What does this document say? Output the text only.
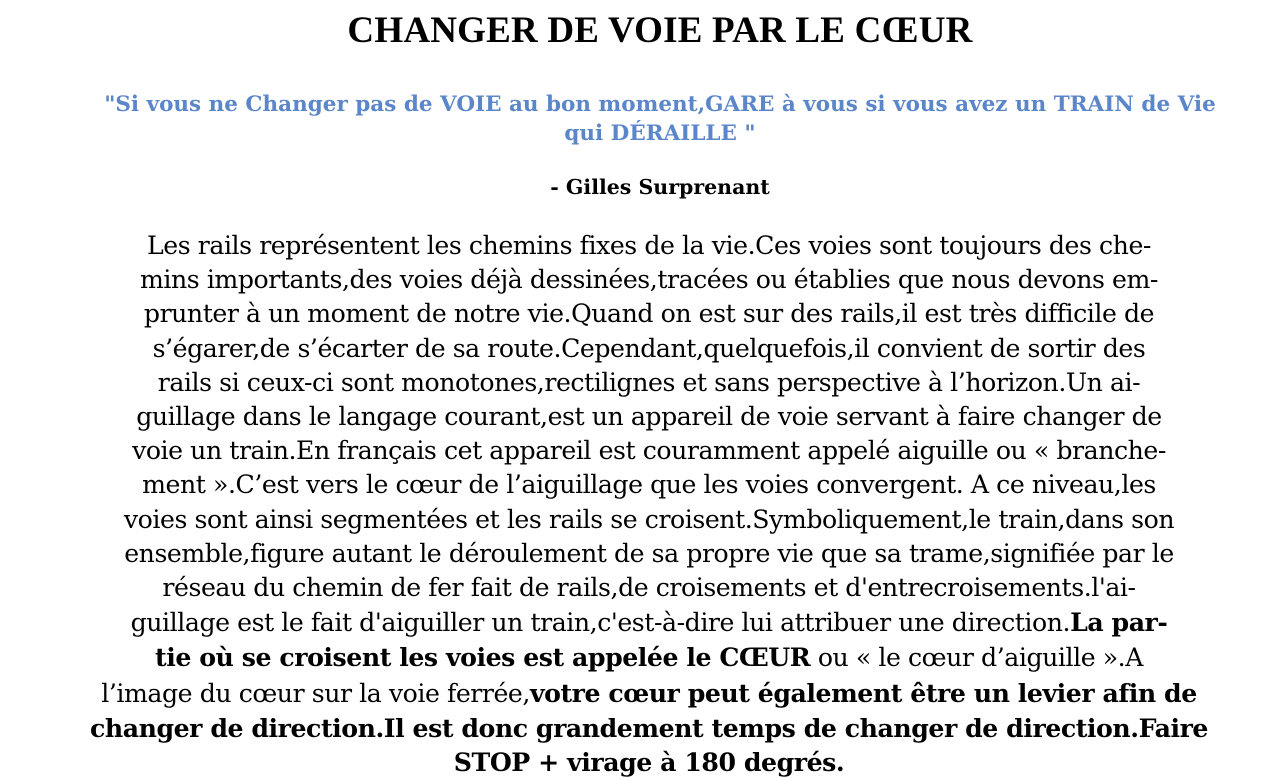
CHANGER DE VOIE PAR LE CŒUR
"Si vous ne Changer pas de VOIE au bon moment,GARE à vous si vous avez un TRAIN de Vie
qui DÉRAILLE "
- Gilles Surprenant
Les rails représentent les chemins fixes de la vie.Ces voies sont toujours des che-
mins importants,des voies déjà dessinées,tracées ou établies que nous devons em-
prunter à un moment de notre vie.Quand on est sur des rails,il est très difficile de
s’égarer,de s’écarter de sa route.Cependant,quelquefois,il convient de sortir des
rails si ceux-ci sont monotones,rectilignes et sans perspective à l’horizon.Un ai-
guillage dans le langage courant,est un appareil de voie servant à faire changer de
voie un train.En français cet appareil est couramment appelé aiguille ou « branche-
ment ».C’est vers le cœur de l’aiguillage que les voies convergent. A ce niveau,les
voies sont ainsi segmentées et les rails se croisent.Symboliquement,le train,dans son
ensemble,figure autant le déroulement de sa propre vie que sa trame,signifiée par le
réseau du chemin de fer fait de rails,de croisements et d'entrecroisements.l'ai-
guillage est le fait d'aiguiller un train,c'est-à-dire lui attribuer une direction.La par-
tie où se croisent les voies est appelée le CŒUR ou « le cœur d’aiguille ».A
l’image du cœur sur la voie ferrée,votre cœur peut également être un levier afin de
changer de direction.Il est donc grandement temps de changer de direction.Faire
STOP + virage à 180 degrés.
